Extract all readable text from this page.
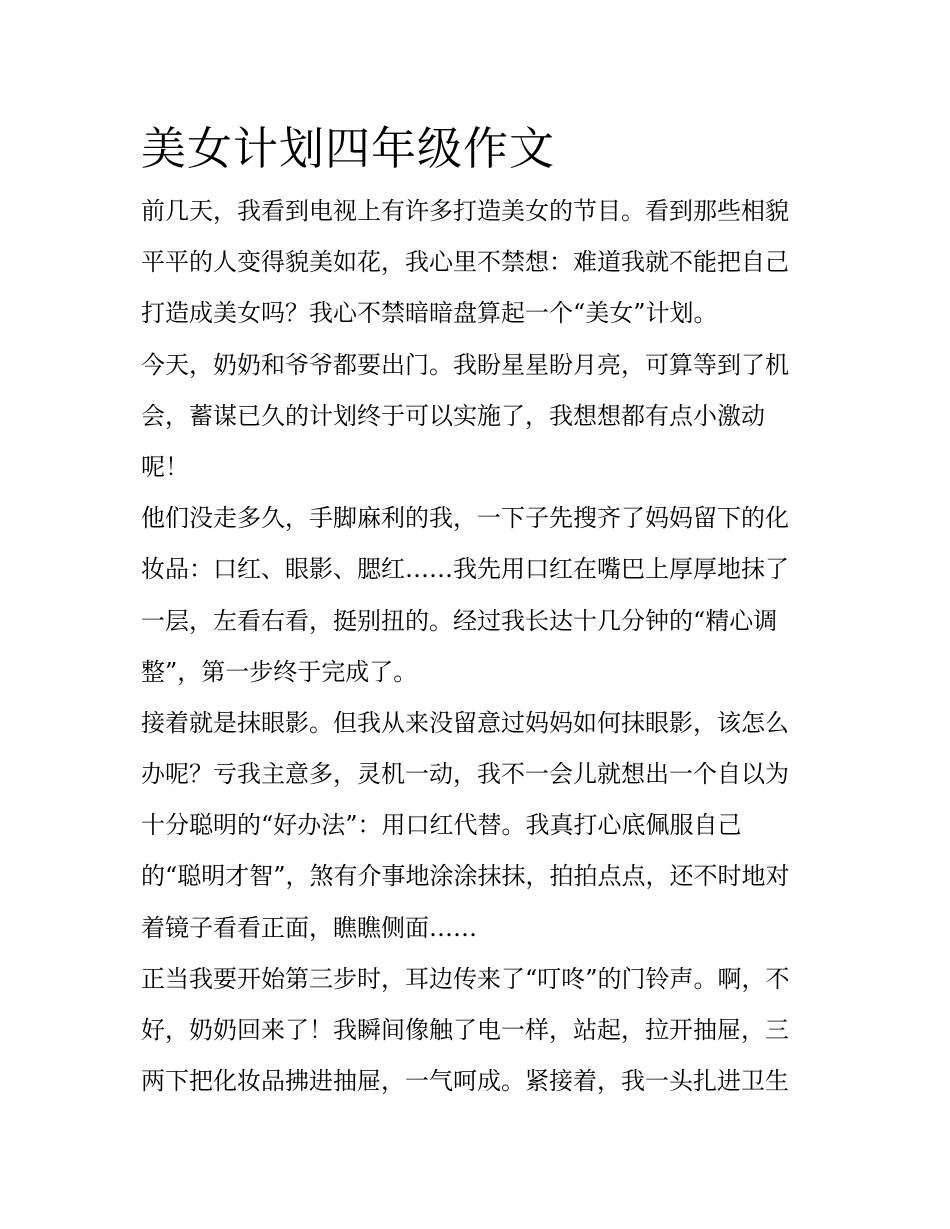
美女计划四年级作文
前几天，我看到电视上有许多打造美女的节目。看到那些相貌
平平的人变得貌美如花，我心里不禁想：难道我就不能把自己
打造成美女吗？我心不禁暗暗盘算起一个“美女”计划。
今天，奶奶和爷爷都要出门。我盼星星盼月亮，可算等到了机
会，蓄谋已久的计划终于可以实施了，我想想都有点小激动
呢！
他们没走多久，手脚麻利的我，一下子先搜齐了妈妈留下的化
妆品：口红、眼影、腮红……我先用口红在嘴巴上厚厚地抹了
一层，左看右看，挺别扭的。经过我长达十几分钟的“精心调
整”，第一步终于完成了。
接着就是抹眼影。但我从来没留意过妈妈如何抹眼影，该怎么
办呢？亏我主意多，灵机一动，我不一会儿就想出一个自以为
十分聪明的“好办法”：用口红代替。我真打心底佩服自己
的“聪明才智”，煞有介事地涂涂抹抹，拍拍点点，还不时地对
着镜子看看正面，瞧瞧侧面……
正当我要开始第三步时，耳边传来了“叮咚”的门铃声。啊，不
好，奶奶回来了！我瞬间像触了电一样，站起，拉开抽屉，三
两下把化妆品拂进抽屉，一气呵成。紧接着，我一头扎进卫生
